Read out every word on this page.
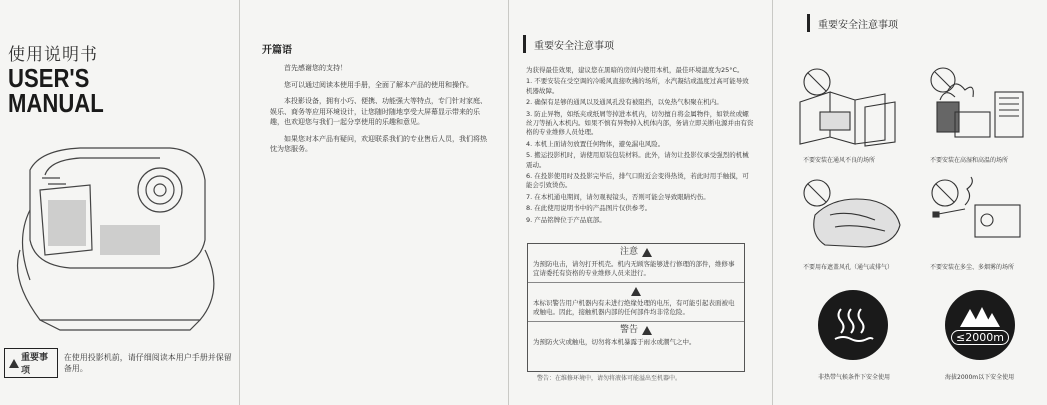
使用说明书
USER'S
MANUAL
重要事项
在使用投影机前，请仔细阅读本用户手册并保留备用。
开篇语

首先感谢您的支持！

您可以通过阅读本使用手册，全面了解本产品的使用和操作。

本投影设备，拥有小巧、便携、功能强大等特点，专门针对家庭、娱乐、商务等应用环境设计，让您随时随地享受大屏幕显示带来的乐趣，也欢迎您与我们一起分享使用的乐趣和意见。

如果您对本产品有疑问，欢迎联系我们的专业售后人员，我们将热忱为您服务。

重要安全注意事项
为获得最佳效果，建议您在黑暗的房间内使用本机，最佳环境温度为25°C。
1. 不要安装在受空调的冷暖风直接吹拂的场所，水汽凝结或温度过高可能导致机器故障。
2. 确保有足够的通风以及通风孔没有被阻挡，以免热气积聚在机内。
3. 防止异物，如纸夹或纸屑等掉进本机内，切勿擅自将金属物件，如铁丝或螺丝刀等插入本机内。如果不慎有异物掉入机体内部，务请立即关断电源并由有资格的专业维修人员处理。
4. 本机上面请勿放置任何物体，避免漏电风险。
5. 搬运投影机时，请使用原装包装材料。此外，请勿让投影仪承受强烈的机械震动。
6. 在投影使用时及投影完毕后，排气口附近会变得热烫，若此时用手触摸，可能会引致烫伤。
7. 在本机通电期间，请勿观视镜头，否则可能会导致眼睛灼伤。
8. 在此使用说明书中的产品图片仅供参考。
9. 产品铭牌位于产品底部。
注意
为预防电击，请勿打开机壳。机内无顾客能够进行修理的部件，维修事宜请委托有资格的专业维修人员来进行。
本标识警告用户机器内有未进行绝缘处理的电压，有可能引起表面被电或触电。因此，接触机器内部的任何部件均非常危险。
警告
为预防火灾或触电，切勿将本机暴露于雨水或潮气之中。
警告：在维修环境中，请勿将液体可能溢出至机器中。
重要安全注意事项
不要安装在通风不良的场所	不要安装在高湿和高温的场所
不要用布遮盖风孔（通气或排气）	不要安装在多尘、多烟雾的场所
非热带气候条件下安全使用
≤2000m
海拔2000m以下安全使用
